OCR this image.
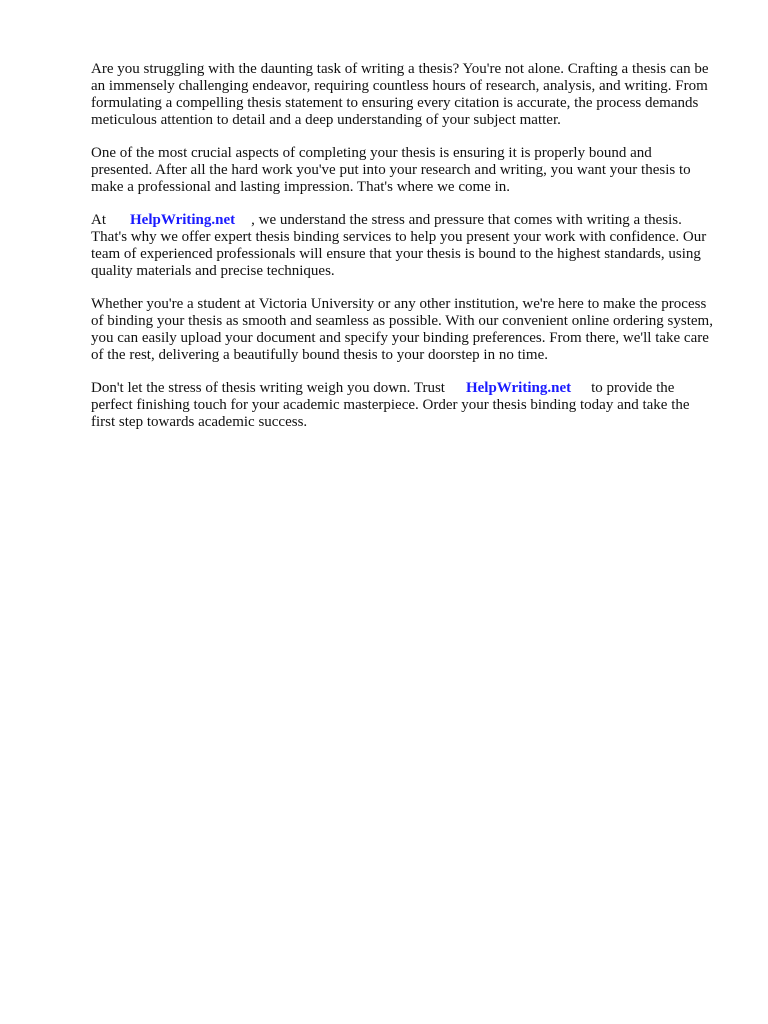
Are you struggling with the daunting task of writing a thesis? You're not alone. Crafting a thesis can be an immensely challenging endeavor, requiring countless hours of research, analysis, and writing. From formulating a compelling thesis statement to ensuring every citation is accurate, the process demands meticulous attention to detail and a deep understanding of your subject matter.

One of the most crucial aspects of completing your thesis is ensuring it is properly bound and presented. After all the hard work you've put into your research and writing, you want your thesis to make a professional and lasting impression. That's where we come in.

At HelpWriting.net , we understand the stress and pressure that comes with writing a thesis. That's why we offer expert thesis binding services to help you present your work with confidence. Our team of experienced professionals will ensure that your thesis is bound to the highest standards, using quality materials and precise techniques.

Whether you're a student at Victoria University or any other institution, we're here to make the process of binding your thesis as smooth and seamless as possible. With our convenient online ordering system, you can easily upload your document and specify your binding preferences. From there, we'll take care of the rest, delivering a beautifully bound thesis to your doorstep in no time.

Don't let the stress of thesis writing weigh you down. Trust HelpWriting.net to provide the perfect finishing touch for your academic masterpiece. Order your thesis binding today and take the first step towards academic success.
